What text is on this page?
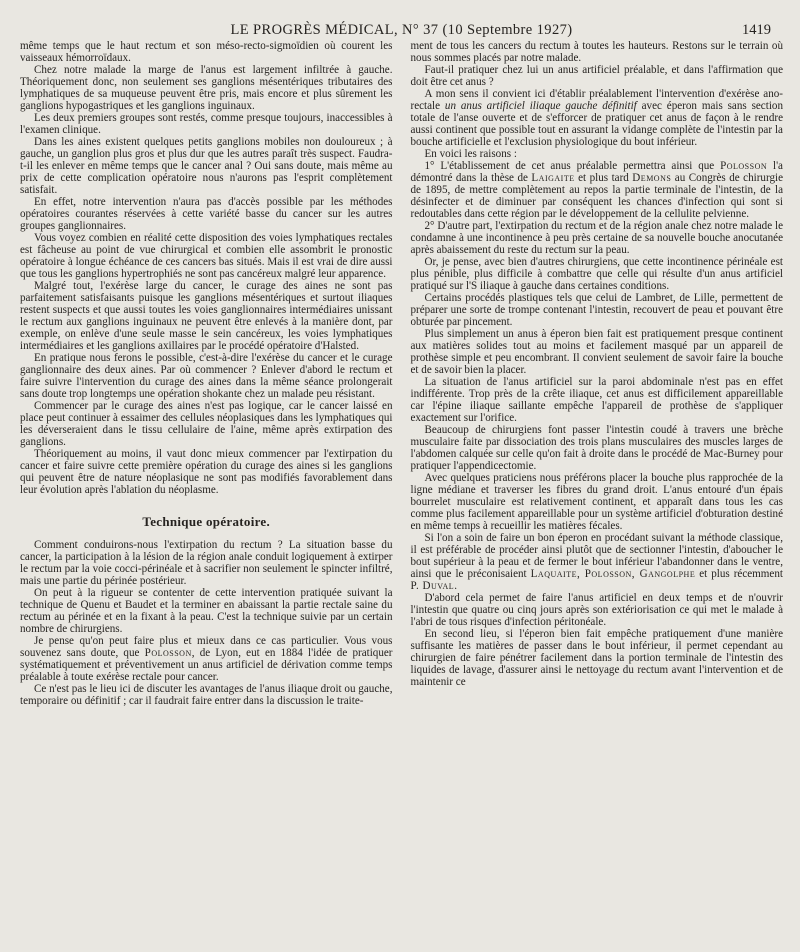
LE PROGRÈS MÉDICAL, N° 37 (10 Septembre 1927)	1419

même temps que le haut rectum et son méso-recto-sigmoïdien où courent les vaisseaux hémorroïdaux.

Chez notre malade la marge de l'anus est largement infiltrée à gauche. Théoriquement donc, non seulement ses ganglions mésentériques tributaires des lymphatiques de sa muqueuse peuvent être pris, mais encore et plus sûrement les ganglions hypogastriques et les ganglions inguinaux.

Les deux premiers groupes sont restés, comme presque toujours, inaccessibles à l'examen clinique.

Dans les aines existent quelques petits ganglions mobiles non douloureux ; à gauche, un ganglion plus gros et plus dur que les autres paraît très suspect. Faudra-t-il les enlever en même temps que le cancer anal ? Oui sans doute, mais même au prix de cette complication opératoire nous n'aurons pas l'esprit complètement satisfait.

En effet, notre intervention n'aura pas d'accès possible par les méthodes opératoires courantes réservées à cette variété basse du cancer sur les autres groupes ganglionnaires.

Vous voyez combien en réalité cette disposition des voies lymphatiques rectales est fâcheuse au point de vue chirurgical et combien elle assombrit le pronostic opératoire à longue échéance de ces cancers bas situés. Mais il est vrai de dire aussi que tous les ganglions hypertrophiés ne sont pas cancéreux malgré leur apparence.

Malgré tout, l'exérèse large du cancer, le curage des aines ne sont pas parfaitement satisfaisants puisque les ganglions mésentériques et surtout iliaques restent suspects et que aussi toutes les voies ganglionnaires intermédiaires unissant le rectum aux ganglions inguinaux ne peuvent être enlevés à la manière dont, par exemple, on enlève d'une seule masse le sein cancéreux, les voies lymphatiques intermédiaires et les ganglions axillaires par le procédé opératoire d'Halsted.

En pratique nous ferons le possible, c'est-à-dire l'exérèse du cancer et le curage ganglionnaire des deux aines. Par où commencer ? Enlever d'abord le rectum et faire suivre l'intervention du curage des aines dans la même séance prolongerait sans doute trop longtemps une opération shokante chez un malade peu résistant.

Commencer par le curage des aines n'est pas logique, car le cancer laissé en place peut continuer à essaimer des cellules néoplasiques dans les lymphatiques qui les déverseraient dans le tissu cellulaire de l'aine, même après extirpation des ganglions.

Théoriquement au moins, il vaut donc mieux commencer par l'extirpation du cancer et faire suivre cette première opération du curage des aines si les ganglions qui peuvent être de nature néoplasique ne sont pas modifiés favorablement dans leur évolution après l'ablation du néoplasme.

Technique opératoire.

Comment conduirons-nous l'extirpation du rectum ? La situation basse du cancer, la participation à la lésion de la région anale conduit logiquement à extirper le rectum par la voie cocci-périnéale et à sacrifier non seulement le spincter infiltré, mais une partie du périnée postérieur.

On peut à la rigueur se contenter de cette intervention pratiquée suivant la technique de Quenu et Baudet et la terminer en abaissant la partie rectale saine du rectum au périnée et en la fixant à la peau. C'est la technique suivie par un certain nombre de chirurgiens.

Je pense qu'on peut faire plus et mieux dans ce cas particulier. Vous vous souvenez sans doute, que Polosson, de Lyon, eut en 1884 l'idée de pratiquer systématiquement et préventivement un anus artificiel de dérivation comme temps préalable à toute exérèse rectale pour cancer.

Ce n'est pas le lieu ici de discuter les avantages de l'anus iliaque droit ou gauche, temporaire ou définitif ; car il faudrait faire entrer dans la discussion le traite-

ment de tous les cancers du rectum à toutes les hauteurs. Restons sur le terrain où nous sommes placés par notre malade.

Faut-il pratiquer chez lui un anus artificiel préalable, et dans l'affirmation que doit être cet anus ?

A mon sens il convient ici d'établir préalablement l'intervention d'exérèse ano-rectale un anus artificiel iliaque gauche définitif avec éperon mais sans section totale de l'anse ouverte et de s'efforcer de pratiquer cet anus de façon à le rendre aussi continent que possible tout en assurant la vidange complète de l'intestin par la bouche artificielle et l'exclusion physiologique du bout inférieur.

En voici les raisons :

1° L'établissement de cet anus préalable permettra ainsi que Polosson l'a démontré dans la thèse de Laigaite et plus tard Demons au Congrès de chirurgie de 1895, de mettre complètement au repos la partie terminale de l'intestin, de la désinfecter et de diminuer par conséquent les chances d'infection qui sont si redoutables dans cette région par le développement de la cellulite pelvienne.

2° D'autre part, l'extirpation du rectum et de la région anale chez notre malade le condamne à une incontinence à peu près certaine de sa nouvelle bouche anocutanée après abaissement du reste du rectum sur la peau.

Or, je pense, avec bien d'autres chirurgiens, que cette incontinence périnéale est plus pénible, plus difficile à combattre que celle qui résulte d'un anus artificiel pratiqué sur l'S iliaque à gauche dans certaines conditions.

Certains procédés plastiques tels que celui de Lambret, de Lille, permettent de préparer une sorte de trompe contenant l'intestin, recouvert de peau et pouvant être obturée par pincement.

Plus simplement un anus à éperon bien fait est pratiquement presque continent aux matières solides tout au moins et facilement masqué par un appareil de prothèse simple et peu encombrant. Il convient seulement de savoir faire la bouche et de savoir bien la placer.

La situation de l'anus artificiel sur la paroi abdominale n'est pas en effet indifférente. Trop près de la crête iliaque, cet anus est difficilement appareillable car l'épine iliaque saillante empêche l'appareil de prothèse de s'appliquer exactement sur l'orifice.

Beaucoup de chirurgiens font passer l'intestin coudé à travers une brèche musculaire faite par dissociation des trois plans musculaires des muscles larges de l'abdomen calquée sur celle qu'on fait à droite dans le procédé de Mac-Burney pour pratiquer l'appendicectomie.

Avec quelques praticiens nous préférons placer la bouche plus rapprochée de la ligne médiane et traverser les fibres du grand droit. L'anus entouré d'un épais bourrelet musculaire est relativement continent, et apparaît dans tous les cas comme plus facilement appareillable pour un système artificiel d'obturation destiné en même temps à recueillir les matières fécales.

Si l'on a soin de faire un bon éperon en procédant suivant la méthode classique, il est préférable de procéder ainsi plutôt que de sectionner l'intestin, d'aboucher le bout supérieur à la peau et de fermer le bout inférieur l'abandonner dans le ventre, ainsi que le préconisaient Laquaite, Polosson, Gangolphe et plus récemment P. Duval.

D'abord cela permet de faire l'anus artificiel en deux temps et de n'ouvrir l'intestin que quatre ou cinq jours après son extériorisation ce qui met le malade à l'abri de tous risques d'infection péritonéale.

En second lieu, si l'éperon bien fait empêche pratiquement d'une manière suffisante les matières de passer dans le bout inférieur, il permet cependant au chirurgien de faire pénétrer facilement dans la portion terminale de l'intestin des liquides de lavage, d'assurer ainsi le nettoyage du rectum avant l'intervention et de maintenir ce
